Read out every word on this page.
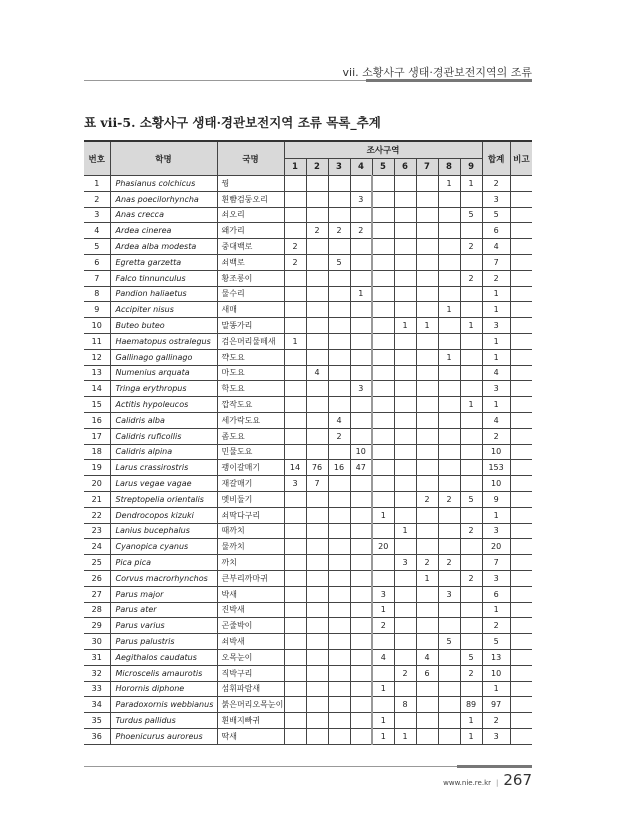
vii. 소황사구 생태·경관보전지역의 조류
표 vii-5. 소황사구 생태·경관보전지역 조류 목록_추계
번호	학명	국명	조사구역									합계	비고
			1	2	3	4	5	6	7	8	9		
1	Phasianus colchicus	꿩								1	1	2	
2	Anas poecilorhyncha	흰뺨검둥오리				3						3	
3	Anas crecca	쇠오리									5	5	
4	Ardea cinerea	왜가리		2	2	2						6	
5	Ardea alba modesta	중대백로	2								2	4	
6	Egretta garzetta	쇠백로	2		5							7	
7	Falco tinnunculus	황조롱이									2	2	
8	Pandion haliaetus	물수리				1						1	
9	Accipiter nisus	새매								1		1	
10	Buteo buteo	말똥가리						1	1		1	3	
11	Haematopus ostralegus	검은머리물떼새	1									1	
12	Gallinago gallinago	꺅도요								1		1	
13	Numenius arquata	마도요		4								4	
14	Tringa erythropus	학도요				3						3	
15	Actitis hypoleucos	깝작도요									1	1	
16	Calidris alba	세가락도요			4							4	
17	Calidris ruficollis	좀도요			2							2	
18	Calidris alpina	민물도요				10						10	
19	Larus crassirostris	괭이갈매기	14	76	16	47						153	
20	Larus vegae vagae	재갈매기	3	7								10	
21	Streptopelia orientalis	멧비둘기							2	2	5	9	
22	Dendrocopos kizuki	쇠딱다구리					1					1	
23	Lanius bucephalus	때까치						1			2	3	
24	Cyanopica cyanus	물까치					20					20	
25	Pica pica	까치						3	2	2		7	
26	Corvus macrorhynchos	큰부리까마귀							1		2	3	
27	Parus major	박새					3			3		6	
28	Parus ater	진박새					1					1	
29	Parus varius	곤줄박이					2					2	
30	Parus palustris	쇠박새								5		5	
31	Aegithalos caudatus	오목눈이					4		4		5	13	
32	Microscelis amaurotis	직박구리						2	6		2	10	
33	Horornis diphone	섬휘파람새					1					1	
34	Paradoxornis webbianus	붉은머리오목눈이						8			89	97	
35	Turdus pallidus	흰배지빠귀					1				1	2	
36	Phoenicurus auroreus	딱새					1	1			1	3	
www.nie.re.kr | 267
